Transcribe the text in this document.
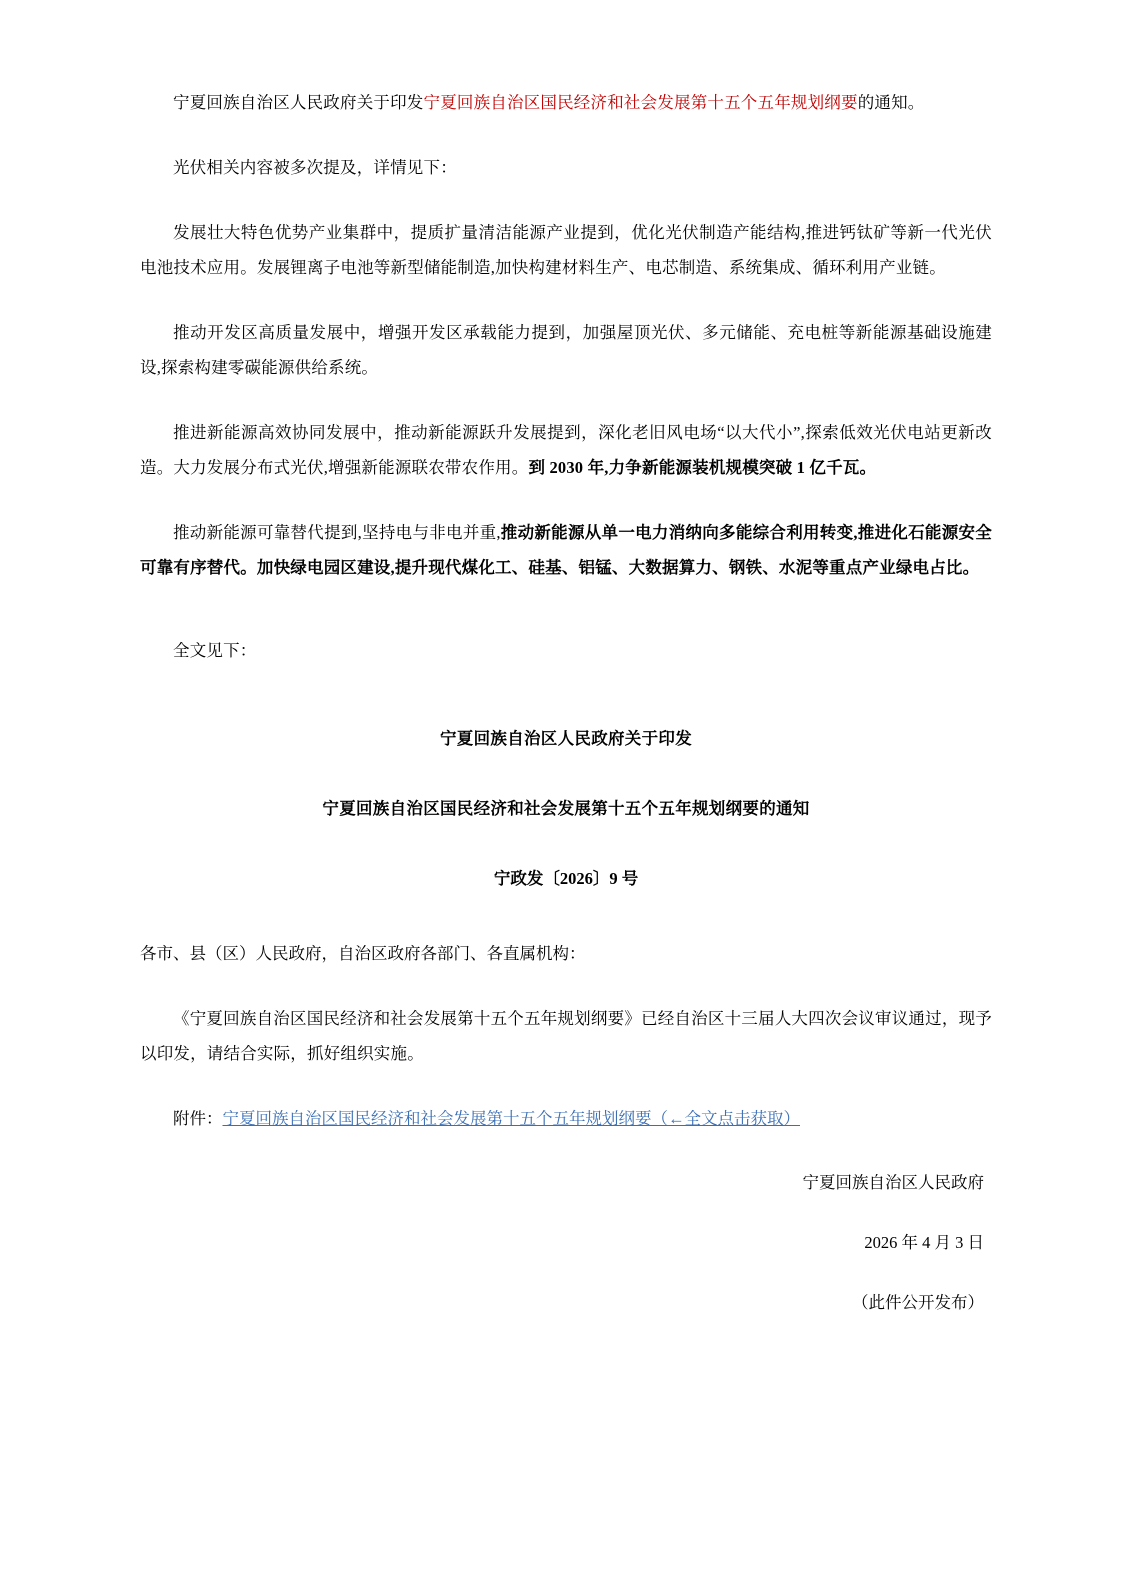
宁夏回族自治区人民政府关于印发宁夏回族自治区国民经济和社会发展第十五个五年规划纲要的通知。

光伏相关内容被多次提及，详情见下：

发展壮大特色优势产业集群中，提质扩量清洁能源产业提到，优化光伏制造产能结构,推进钙钛矿等新一代光伏电池技术应用。发展锂离子电池等新型储能制造,加快构建材料生产、电芯制造、系统集成、循环利用产业链。

推动开发区高质量发展中，增强开发区承载能力提到，加强屋顶光伏、多元储能、充电桩等新能源基础设施建设,探索构建零碳能源供给系统。

推进新能源高效协同发展中，推动新能源跃升发展提到，深化老旧风电场“以大代小”,探索低效光伏电站更新改造。大力发展分布式光伏,增强新能源联农带农作用。到 2030 年,力争新能源装机规模突破 1 亿千瓦。

推动新能源可靠替代提到,坚持电与非电并重,推动新能源从单一电力消纳向多能综合利用转变,推进化石能源安全可靠有序替代。加快绿电园区建设,提升现代煤化工、硅基、铝锰、大数据算力、钢铁、水泥等重点产业绿电占比。

全文见下：

宁夏回族自治区人民政府关于印发

宁夏回族自治区国民经济和社会发展第十五个五年规划纲要的通知

宁政发〔2026〕9 号

各市、县（区）人民政府，自治区政府各部门、各直属机构：

《宁夏回族自治区国民经济和社会发展第十五个五年规划纲要》已经自治区十三届人大四次会议审议通过，现予以印发，请结合实际，抓好组织实施。

附件：宁夏回族自治区国民经济和社会发展第十五个五年规划纲要（←全文点击获取）

宁夏回族自治区人民政府

2026 年 4 月 3 日

（此件公开发布）
